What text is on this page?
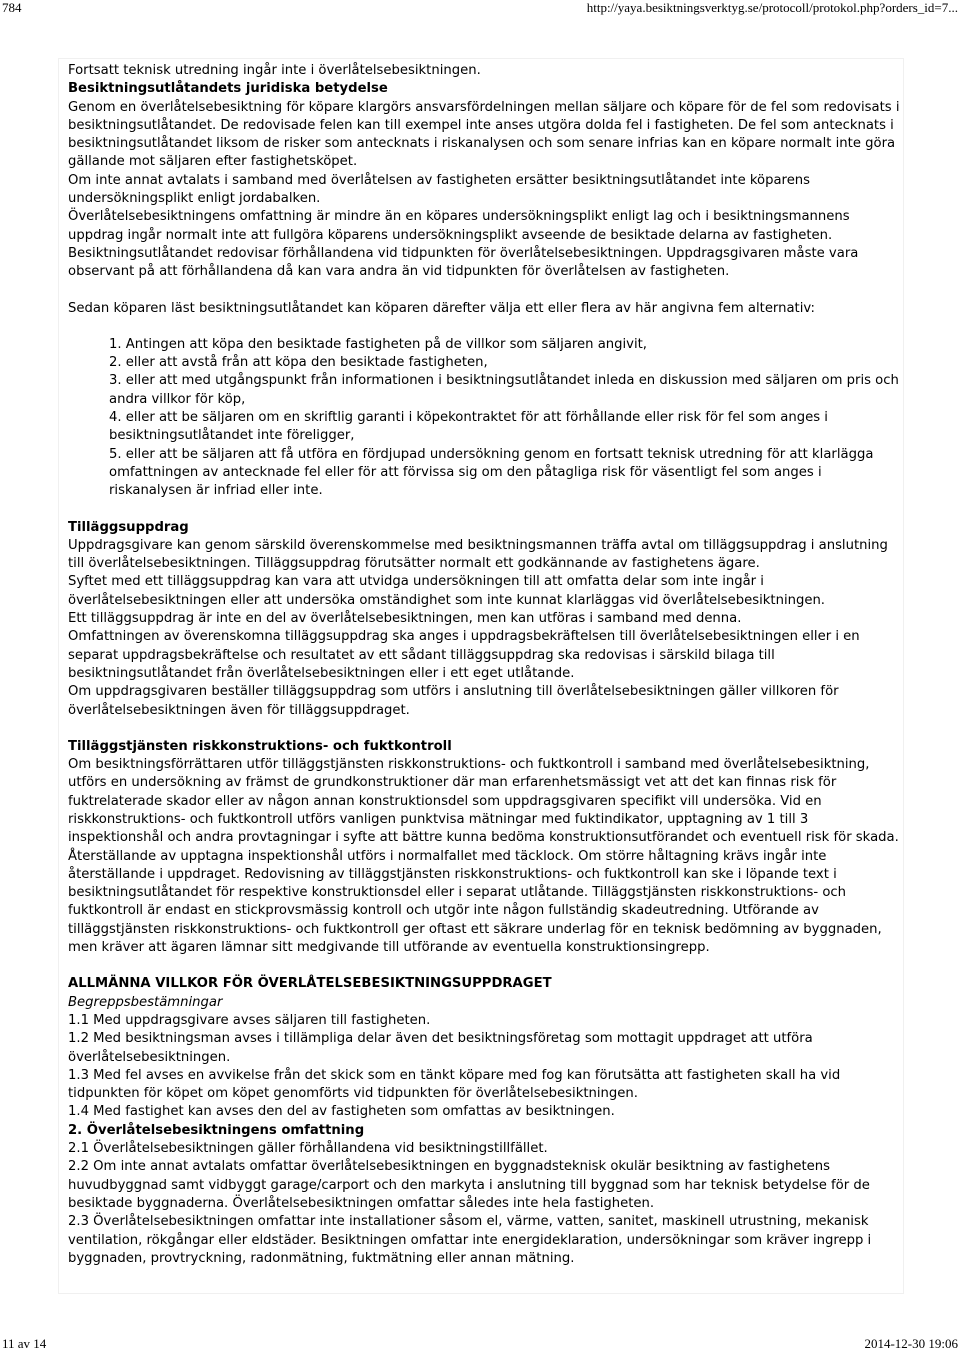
784	http://yaya.besiktningsverktyg.se/protocoll/protokol.php?orders_id=7...

Fortsatt teknisk utredning ingår inte i överlåtelsebesiktningen.

Besiktningsutlåtandets juridiska betydelse

Genom en överlåtelsebesiktning för köpare klargörs ansvarsfördelningen mellan säljare och köpare för de fel som redovisats i besiktningsutlåtandet. De redovisade felen kan till exempel inte anses utgöra dolda fel i fastigheten. De fel som antecknats i besiktningsutlåtandet liksom de risker som antecknats i riskanalysen och som senare infrias kan en köpare normalt inte göra gällande mot säljaren efter fastighetsköpet.

Om inte annat avtalats i samband med överlåtelsen av fastigheten ersätter besiktningsutlåtandet inte köparens undersökningsplikt enligt jordabalken.

Överlåtelsebesiktningens omfattning är mindre än en köpares undersökningsplikt enligt lag och i besiktningsmannens uppdrag ingår normalt inte att fullgöra köparens undersökningsplikt avseende de besiktade delarna av fastigheten.

Besiktningsutlåtandet redovisar förhållandena vid tidpunkten för överlåtelsebesiktningen. Uppdragsgivaren måste vara observant på att förhållandena då kan vara andra än vid tidpunkten för överlåtelsen av fastigheten.

Sedan köparen läst besiktningsutlåtandet kan köparen därefter välja ett eller flera av här angivna fem alternativ:

1. Antingen att köpa den besiktade fastigheten på de villkor som säljaren angivit,

2. eller att avstå från att köpa den besiktade fastigheten,

3. eller att med utgångspunkt från informationen i besiktningsutlåtandet inleda en diskussion med säljaren om pris och andra villkor för köp,

4. eller att be säljaren om en skriftlig garanti i köpekontraktet för att förhållande eller risk för fel som anges i besiktningsutlåtandet inte föreligger,

5. eller att be säljaren att få utföra en fördjupad undersökning genom en fortsatt teknisk utredning för att klarlägga omfattningen av antecknade fel eller för att förvissa sig om den påtagliga risk för väsentligt fel som anges i riskanalysen är infriad eller inte.

Tilläggsuppdrag

Uppdragsgivare kan genom särskild överenskommelse med besiktningsmannen träffa avtal om tilläggsuppdrag i anslutning till överlåtelsebesiktningen. Tilläggsuppdrag förutsätter normalt ett godkännande av fastighetens ägare.

Syftet med ett tilläggsuppdrag kan vara att utvidga undersökningen till att omfatta delar som inte ingår i överlåtelsebesiktningen eller att undersöka omständighet som inte kunnat klarläggas vid överlåtelsebesiktningen.

Ett tilläggsuppdrag är inte en del av överlåtelsebesiktningen, men kan utföras i samband med denna.

Omfattningen av överenskomna tilläggsuppdrag ska anges i uppdragsbekräftelsen till överlåtelsebesiktningen eller i en separat uppdragsbekräftelse och resultatet av ett sådant tilläggsuppdrag ska redovisas i särskild bilaga till besiktningsutlåtandet från överlåtelsebesiktningen eller i ett eget utlåtande.

Om uppdragsgivaren beställer tilläggsuppdrag som utförs i anslutning till överlåtelsebesiktningen gäller villkoren för överlåtelsebesiktningen även för tilläggsuppdraget.

Tilläggstjänsten riskkonstruktions- och fuktkontroll

Om besiktningsförrättaren utför tilläggstjänsten riskkonstruktions- och fuktkontroll i samband med överlåtelsebesiktning, utförs en undersökning av främst de grundkonstruktioner där man erfarenhetsmässigt vet att det kan finnas risk för fuktrelaterade skador eller av någon annan konstruktionsdel som uppdragsgivaren specifikt vill undersöka. Vid en riskkonstruktions- och fuktkontroll utförs vanligen punktvisa mätningar med fuktindikator, upptagning av 1 till 3 inspektionshål och andra provtagningar i syfte att bättre kunna bedöma konstruktionsutförandet och eventuell risk för skada. Återställande av upptagna inspektionshål utförs i normalfallet med täcklock. Om större håltagning krävs ingår inte återställande i uppdraget. Redovisning av tilläggstjänsten riskkonstruktions- och fuktkontroll kan ske i löpande text i besiktningsutlåtandet för respektive konstruktionsdel eller i separat utlåtande. Tilläggstjänsten riskkonstruktions- och fuktkontroll är endast en stickprovsmässig kontroll och utgör inte någon fullständig skadeutredning. Utförande av tilläggstjänsten riskkonstruktions- och fuktkontroll ger oftast ett säkrare underlag för en teknisk bedömning av byggnaden, men kräver att ägaren lämnar sitt medgivande till utförande av eventuella konstruktionsingrepp.

ALLMÄNNA VILLKOR FÖR ÖVERLÅTELSEBESIKTNINGSUPPDRAGET

Begreppsbestämningar

1.1 Med uppdragsgivare avses säljaren till fastigheten.

1.2 Med besiktningsman avses i tillämpliga delar även det besiktningsföretag som mottagit uppdraget att utföra överlåtelsebesiktningen.

1.3 Med fel avses en avvikelse från det skick som en tänkt köpare med fog kan förutsätta att fastigheten skall ha vid tidpunkten för köpet om köpet genomförts vid tidpunkten för överlåtelsebesiktningen.

1.4 Med fastighet kan avses den del av fastigheten som omfattas av besiktningen.

2. Överlåtelsebesiktningens omfattning

2.1 Överlåtelsebesiktningen gäller förhållandena vid besiktningstillfället.

2.2 Om inte annat avtalats omfattar överlåtelsebesiktningen en byggnadsteknisk okulär besiktning av fastighetens huvudbyggnad samt vidbyggt garage/carport och den markyta i anslutning till byggnad som har teknisk betydelse för de besiktade byggnaderna. Överlåtelsebesiktningen omfattar således inte hela fastigheten.

2.3 Överlåtelsebesiktningen omfattar inte installationer såsom el, värme, vatten, sanitet, maskinell utrustning, mekanisk ventilation, rökgångar eller eldstäder. Besiktningen omfattar inte energideklaration, undersökningar som kräver ingrepp i byggnaden, provtryckning, radonmätning, fuktmätning eller annan mätning.

11 av 14	2014-12-30 19:06
